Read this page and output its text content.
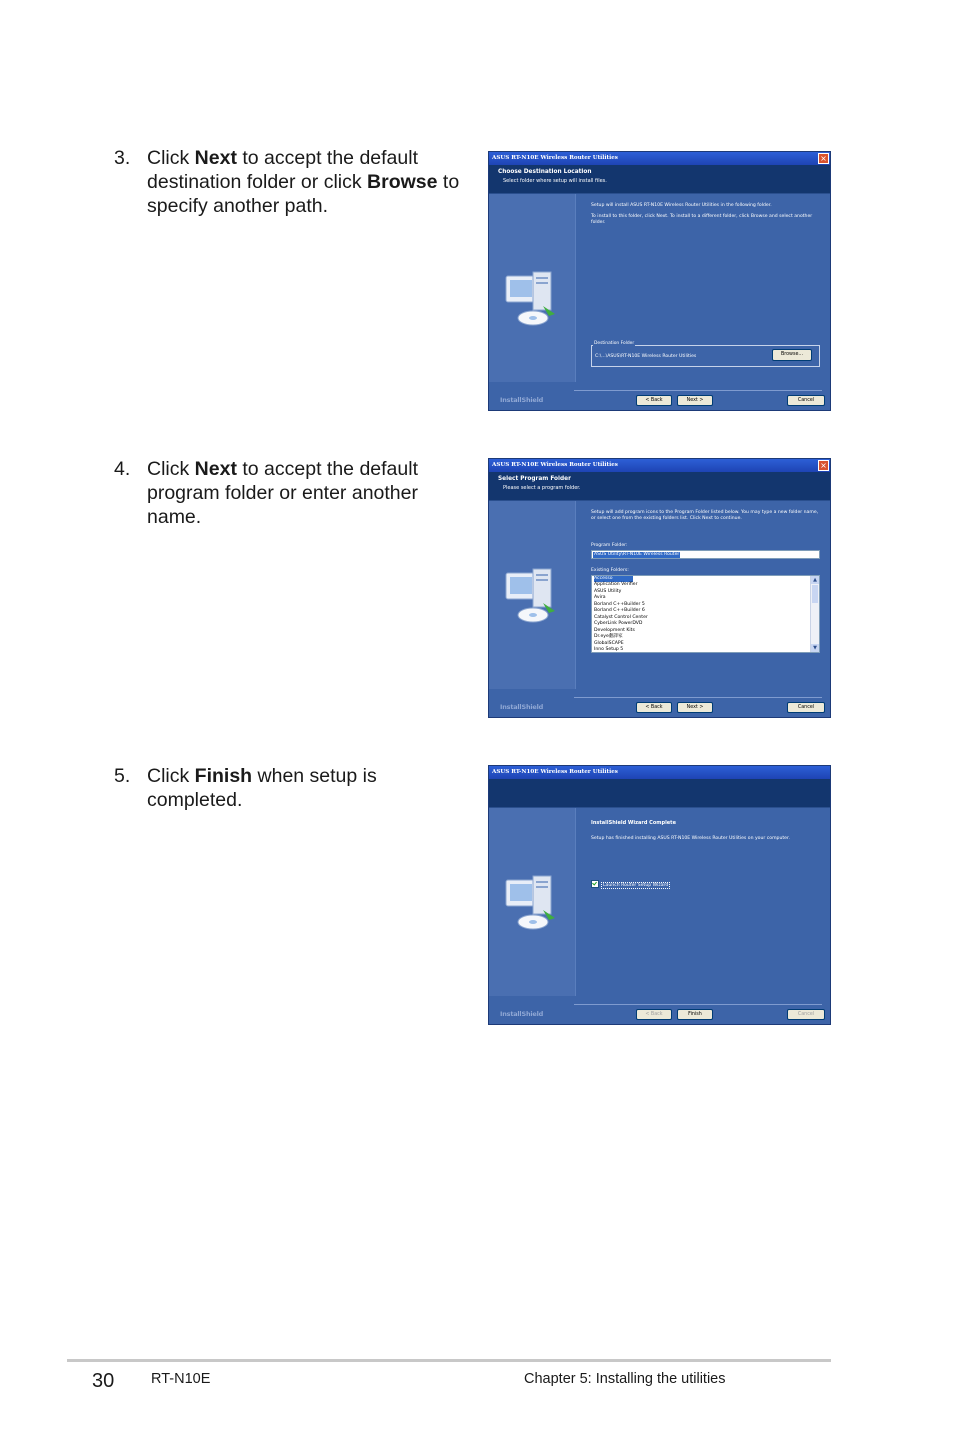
3. Click Next to accept the default destination folder or click Browse to specify another path.
ASUS RT-N10E Wireless Router Utilities	×
Choose Destination Location
Select folder where setup will install files.

Setup will install ASUS RT-N10E Wireless Router Utilities in the following folder.

To install to this folder, click Next. To install to a different folder, click Browse and select another folder.

Destination Folder
C:\...\ASUS\RT-N10E Wireless Router Utilities	Browse...
InstallShield	< Back	Next >	Cancel
4. Click Next to accept the default program folder or enter another name.
ASUS RT-N10E Wireless Router Utilities	×
Select Program Folder
Please select a program folder.

Setup will add program icons to the Program Folder listed below. You may type a new folder name, or select one from the existing folders list. Click Next to continue.

Program Folder:
ASUS Utility\RT-N10E Wireless Router
Existing Folders:
Accesso
Application Verifier
ASUS Utility
Avira
Borland C++Builder 5
Borland C++Builder 6
Catalyst Control Center
CyberLink PowerDVD
Development Kits
Dr.eye翻譯家
GlobalSCAPE
Inno Setup 5
▲
▼
InstallShield	< Back	Next >	Cancel
5. Click Finish when setup is completed.
ASUS RT-N10E Wireless Router Utilities

InstallShield Wizard Complete

Setup has finished installing ASUS RT-N10E Wireless Router Utilities on your computer.

Launch Router Setup Wizard
InstallShield	< Back	Finish	Cancel
30	RT-N10E	Chapter 5: Installing the utilities
